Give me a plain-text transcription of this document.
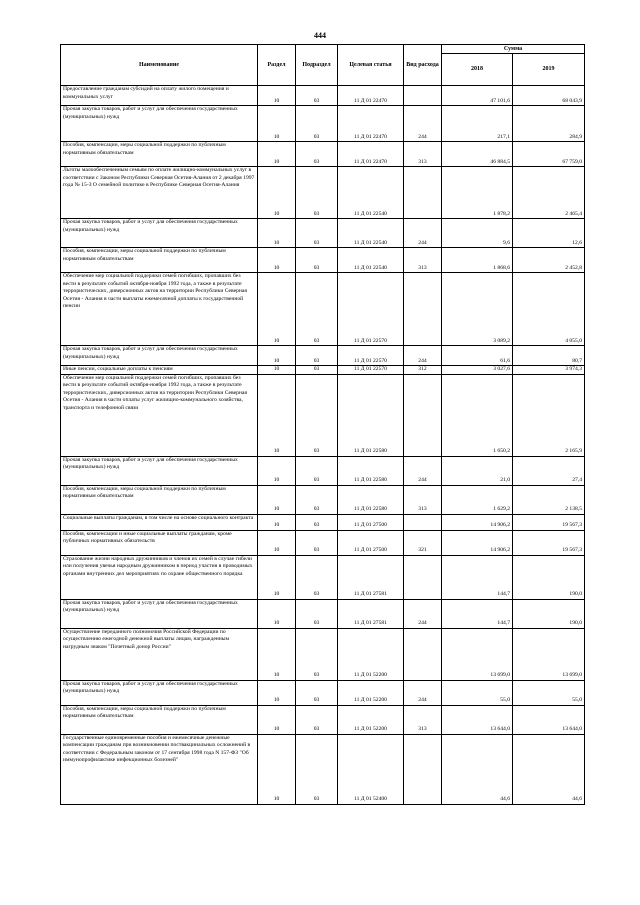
444
Наименование	Раздел	Подраздел	Целевая статья	Вид расхода	Сумма	
					2018	2019
Предоставление гражданам субсидий на оплату жилого помещения и коммунальных услуг	10	03	11 Д 01 22470		47 101,6	68 043,9
Прочая закупка товаров, работ и услуг для обеспечения государственных (муниципальных) нужд	10	03	11 Д 01 22470	244	217,1	284,9
Пособия, компенсации, меры социальной поддержки по публичным нормативным обязательствам	10	03	11 Д 01 22470	313	46 884,5	67 759,0
Льготы малообеспеченным семьям по оплате жилищно-коммунальных услуг в соответствии с Законом Республики Северная Осетия-Алания от 2 декабря 1997 года № 15-З О семейной политике в Республике Северная Осетия-Алания	10	03	11 Д 01 22540		1 878,2	2 465,4
Прочая закупка товаров, работ и услуг для обеспечения государственных (муниципальных) нужд	10	03	11 Д 01 22540	244	9,6	12,6
Пособия, компенсации, меры социальной поддержки по публичным нормативным обязательствам	10	03	11 Д 01 22540	313	1 868,6	2 452,8
Обеспечение мер социальной поддержки семей погибших, пропавших без вести в результате событий октября-ноября 1992 года, а также в результате террористических, диверсионных актов на территории Республики Северная Осетия - Алания в части выплаты ежемесячной доплаты к государственной пенсии	10	03	11 Д 01 22570		3 089,2	4 055,0
Прочая закупка товаров, работ и услуг для обеспечения государственных (муниципальных) нужд	10	03	11 Д 01 22570	244	61,6	80,7
Иные пенсии, социальные доплаты к пенсиям	10	03	11 Д 01 22570	312	3 027,6	3 974,3
Обеспечение мер социальной поддержки семей погибших, пропавших без вести в результате событий октября-ноября 1992 года, а также в результате террористических, диверсионных актов на территории Республики Северная Осетия - Алания в части оплаты услуг жилищно-коммунального хозяйства, транспорта и телефонной связи	10	03	11 Д 01 22580		1 650,2	2 165,9
Прочая закупка товаров, работ и услуг для обеспечения государственных (муниципальных) нужд	10	03	11 Д 01 22580	244	21,0	27,4
Пособия, компенсации, меры социальной поддержки по публичным нормативным обязательствам	10	03	11 Д 01 22580	313	1 629,2	2 138,5
Социальные выплаты гражданам, в том числе на основе социального контракта	10	03	11 Д 01 27500		14 906,2	19 567,3
Пособия, компенсации и иные социальные выплаты гражданам, кроме публичных нормативных обязательств	10	03	11 Д 01 27500	321	14 906,2	19 567,3
Страхование жизни народных дружинников и членов их семей в случае гибели или получения увечья народным дружинником в период участия в проводимых органами внутренних дел мероприятиях по охране общественного порядка	10	03	11 Д 01 27581		144,7	190,0
Прочая закупка товаров, работ и услуг для обеспечения государственных (муниципальных) нужд	10	03	11 Д 01 27581	244	144,7	190,0
Осуществление переданного полномочия Российской Федерации по осуществлению ежегодной денежной выплаты лицам, награжденным нагрудным знаком "Почетный донор России"	10	03	11 Д 01 52200		13 699,0	13 699,0
Прочая закупка товаров, работ и услуг для обеспечения государственных (муниципальных) нужд	10	03	11 Д 01 52200	244	55,0	55,0
Пособия, компенсации, меры социальной поддержки по публичным нормативным обязательствам	10	03	11 Д 01 52200	313	13 644,0	13 644,0
Государственные единовременные пособия и ежемесячные денежные компенсации гражданам при возникновении поствакцинальных осложнений в соответствии с Федеральным законом от 17 сентября 1998 года N 157-ФЗ "Об иммунопрофилактике инфекционных болезней"	10	03	11 Д 01 52400		44,6	44,6
